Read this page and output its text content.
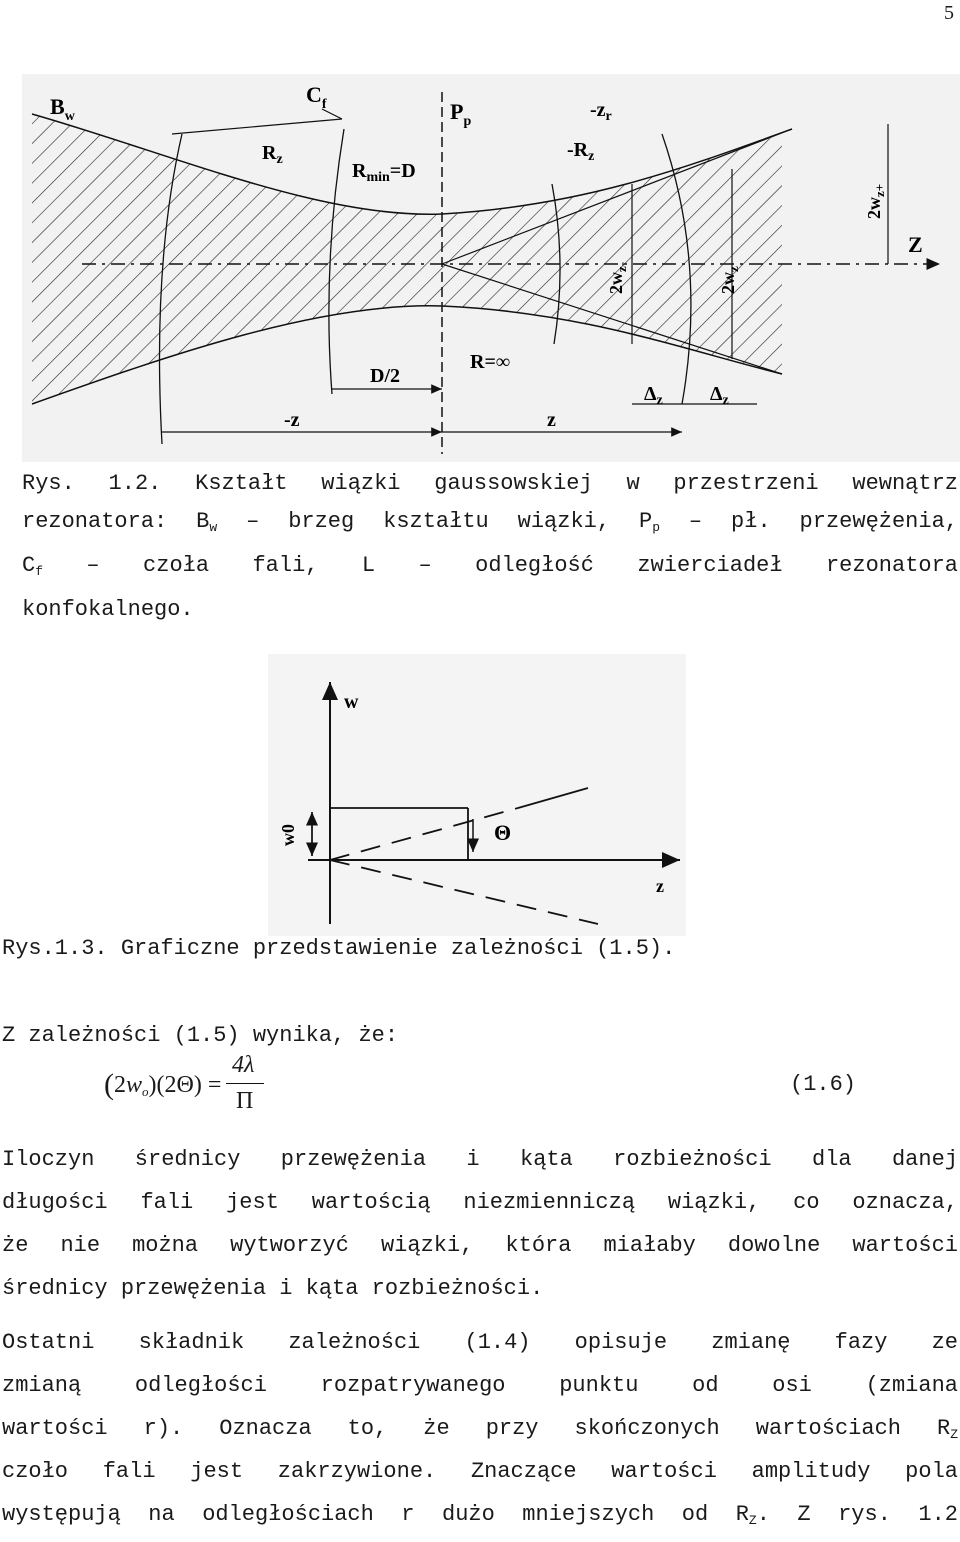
5
$B_w$
$C_f$	$P_p$
$-z_r$
$R_z$
$R_{min}=D$
$-R_z$
$2w_{z-}$
$2w_z$
$2w_{z+}$
Z
R=∞
D/2
$\Delta_z$ $\Delta_z$
-z	z
Rys. 1.2. Kształt wiązki gaussowskiej w przestrzeni wewnątrz
rezonatora: $B_w$ – brzeg kształtu wiązki, $P_p$ – pł. przewężenia,
$C_f$ – czoła fali, L – odległość zwierciadeł rezonatora
konfokalnego.
w
w0	Θ
z
Rys.1.3. Graficzne przedstawienie zależności (1.5).
Z zależności (1.5) wynika, że:
( $2w_o)(2\Theta)$ =
4λ
Π
(1.6)
Iloczyn średnicy przewężenia i kąta rozbieżności dla danej
długości fali jest wartością niezmienniczą wiązki, co oznacza,
że nie można wytworzyć wiązki, która miałaby dowolne wartości
średnicy przewężenia i kąta rozbieżności.
Ostatni składnik zależności (1.4) opisuje zmianę fazy ze
zmianą odległości rozpatrywanego punktu od osi (zmiana
wartości r). Oznacza to, że przy skończonych wartościach $R_Z$
czoło fali jest zakrzywione. Znaczące wartości amplitudy pola
występują na odległościach r dużo mniejszych od $R_Z$. Z rys. 1.2
